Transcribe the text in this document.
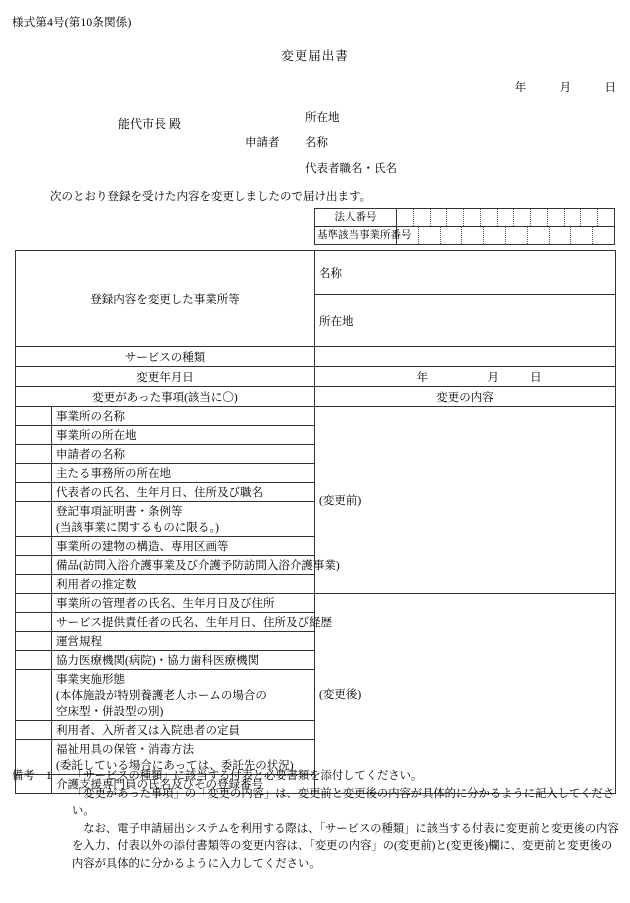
様式第4号(第10条関係)
変更届出書
年	月	日
能代市長 殿
申請者
所在地
名称
代表者職名・氏名
次のとおり登録を受けた内容を変更しましたので届け出ます。
法人番号	

基準該当事業所番号	
登録内容を変更した事業所等		名称
		所在地
サービスの種類		
変更年月日		年 月 日
変更があった事項(該当に〇)		変更の内容

	事業所の名称	(変更前)

	事業所の所在地	

	申請者の名称	

	主たる事務所の所在地	

	代表者の氏名、生年月日、住所及び職名	

	登記事項証明書・条例等
(当該事業に関するものに限る。)	

	事業所の建物の構造、専用区画等	

	備品(訪問入浴介護事業及び介護予防訪問入浴介護事業)	

	利用者の推定数	

	事業所の管理者の氏名、生年月日及び住所	(変更後)

	サービス提供責任者の氏名、生年月日、住所及び経歴	

	運営規程	

	協力医療機関(病院)・協力歯科医療機関	

	事業実施形態
(本体施設が特別養護老人ホームの場合の
空床型・併設型の別)	

	利用者、入所者又は入院患者の定員	

	福祉用具の保管・消毒方法
(委託している場合にあっては、委託先の状況)	

	介護支援専門員の氏名及びその登録番号	
備考	1	「サービスの種類」に該当する付表と必要書類を添付してください。
「変更があった事項」の「変更の内容」は、変更前と変更後の内容が具体的に分かるように記入してください。
なお、電子申請届出システムを利用する際は、「サービスの種類」に該当する付表に変更前と変更後の内容を入力、付表以外の添付書類等の変更内容は、「変更の内容」の(変更前)と(変更後)欄に、変更前と変更後の内容が具体的に分かるように入力してください。
